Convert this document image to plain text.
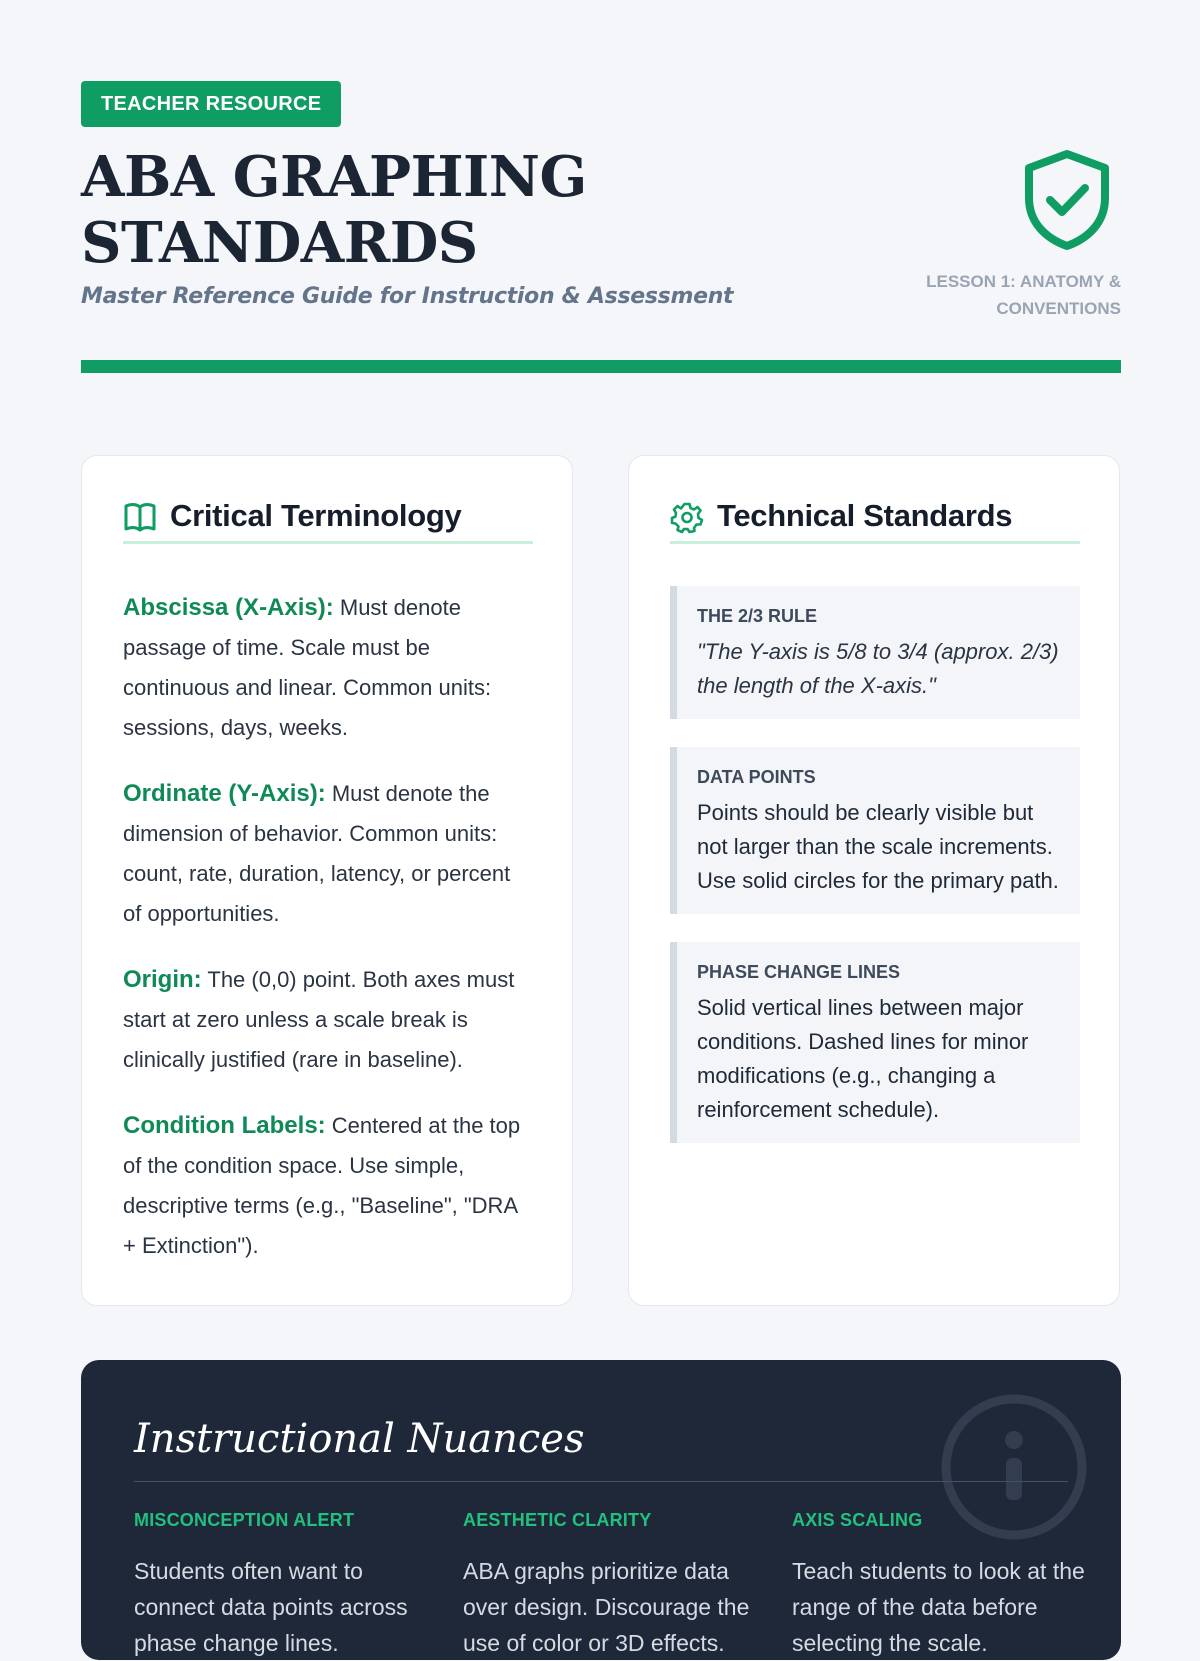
TEACHER RESOURCE
ABA GRAPHING
STANDARDS
Master Reference Guide for Instruction & Assessment
LESSON 1: ANATOMY &
CONVENTIONS
Critical Terminology
Abscissa (X-Axis): Must denote passage of time. Scale must be continuous and linear. Common units: sessions, days, weeks.
Ordinate (Y-Axis): Must denote the dimension of behavior. Common units: count, rate, duration, latency, or percent of opportunities.
Origin: The (0,0) point. Both axes must start at zero unless a scale break is clinically justified (rare in baseline).
Condition Labels: Centered at the top of the condition space. Use simple, descriptive terms (e.g., "Baseline", "DRA + Extinction").
Technical Standards
THE 2/3 RULE
"The Y-axis is 5/8 to 3/4 (approx. 2/3) the length of the X-axis."
DATA POINTS
Points should be clearly visible but not larger than the scale increments. Use solid circles for the primary path.
PHASE CHANGE LINES
Solid vertical lines between major conditions. Dashed lines for minor modifications (e.g., changing a reinforcement schedule).
Instructional Nuances
MISCONCEPTION ALERT
Students often want to connect data points across phase change lines.
AESTHETIC CLARITY
ABA graphs prioritize data over design. Discourage the use of color or 3D effects.
AXIS SCALING
Teach students to look at the range of the data before selecting the scale.
